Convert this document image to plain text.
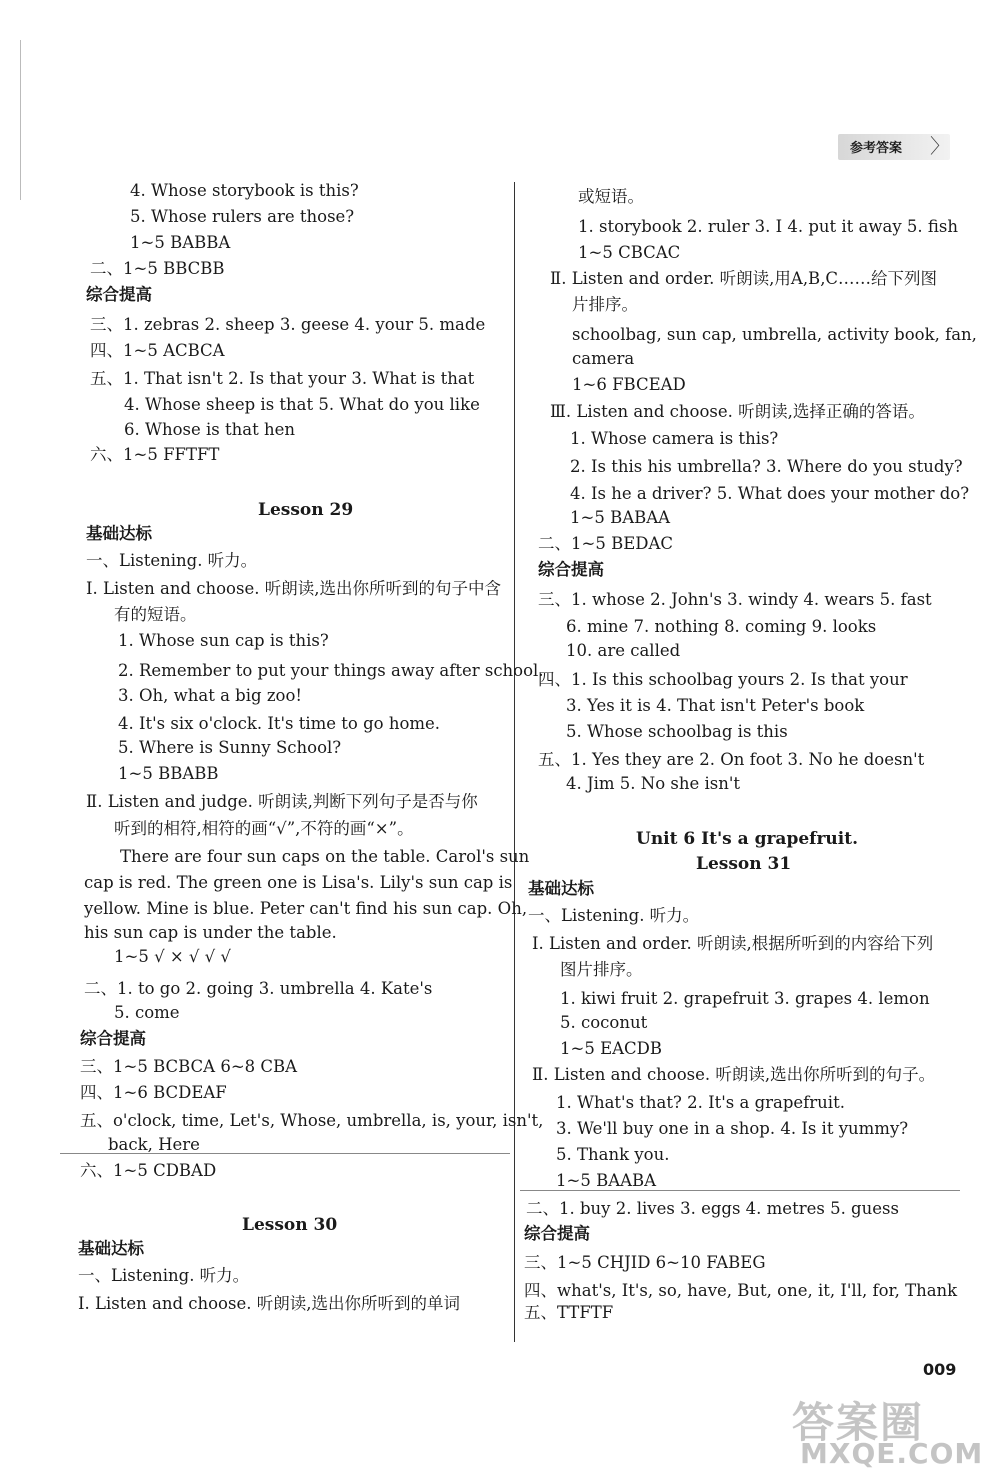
参考答案 〉
4. Whose storybook is this?
5. Whose rulers are those?
1~5 BABBA
二、1~5 BBCBB
综合提高
三、1. zebras 2. sheep 3. geese 4. your 5. made
四、1~5 ACBCA
五、1. That isn't 2. Is that your 3. What is that
4. Whose sheep is that 5. What do you like
6. Whose is that hen
六、1~5 FFTFT
基础达标
一、Listening. 听力。
Ⅰ. Listen and choose. 听朗读,选出你所听到的句子中含
有的短语。
1. Whose sun cap is this?
2. Remember to put your things away after school.
3. Oh, what a big zoo!
4. It's six o'clock. It's time to go home.
5. Where is Sunny School?
1~5 BBABB
Ⅱ. Listen and judge. 听朗读,判断下列句子是否与你
听到的相符,相符的画“√”,不符的画“×”。
There are four sun caps on the table. Carol's sun
cap is red. The green one is Lisa's. Lily's sun cap is
yellow. Mine is blue. Peter can't find his sun cap. Oh,
his sun cap is under the table.
1~5 √ × √ √ √
二、1. to go 2. going 3. umbrella 4. Kate's
5. come
综合提高
三、1~5 BCBCA 6~8 CBA
四、1~6 BCDEAF
五、o'clock, time, Let's, Whose, umbrella, is, your, isn't,
back, Here
六、1~5 CDBAD
基础达标
一、Listening. 听力。
Ⅰ. Listen and choose. 听朗读,选出你所听到的单词
Lesson 29
Lesson 30
或短语。
1. storybook 2. ruler 3. I 4. put it away 5. fish
1~5 CBCAC
Ⅱ. Listen and order. 听朗读,用A,B,C……给下列图
片排序。
schoolbag, sun cap, umbrella, activity book, fan,
camera
1~6 FBCEAD
Ⅲ. Listen and choose. 听朗读,选择正确的答语。
1. Whose camera is this?
2. Is this his umbrella? 3. Where do you study?
4. Is he a driver? 5. What does your mother do?
1~5 BABAA
二、1~5 BEDAC
综合提高
三、1. whose 2. John's 3. windy 4. wears 5. fast
6. mine 7. nothing 8. coming 9. looks
10. are called
四、1. Is this schoolbag yours 2. Is that your
3. Yes it is 4. That isn't Peter's book
5. Whose schoolbag is this
五、1. Yes they are 2. On foot 3. No he doesn't
4. Jim 5. No she isn't
基础达标
一、Listening. 听力。
Ⅰ. Listen and order. 听朗读,根据所听到的内容给下列
图片排序。
1. kiwi fruit 2. grapefruit 3. grapes 4. lemon
5. coconut
1~5 EACDB
Ⅱ. Listen and choose. 听朗读,选出你所听到的句子。
1. What's that? 2. It's a grapefruit.
3. We'll buy one in a shop. 4. Is it yummy?
5. Thank you.
1~5 BAABA
二、1. buy 2. lives 3. eggs 4. metres 5. guess
综合提高
三、1~5 CHJID 6~10 FABEG
四、what's, It's, so, have, But, one, it, I'll, for, Thank
五、TTFTF
Unit 6 It's a grapefruit.
Lesson 31
009
答案圈
MXQE.COM
